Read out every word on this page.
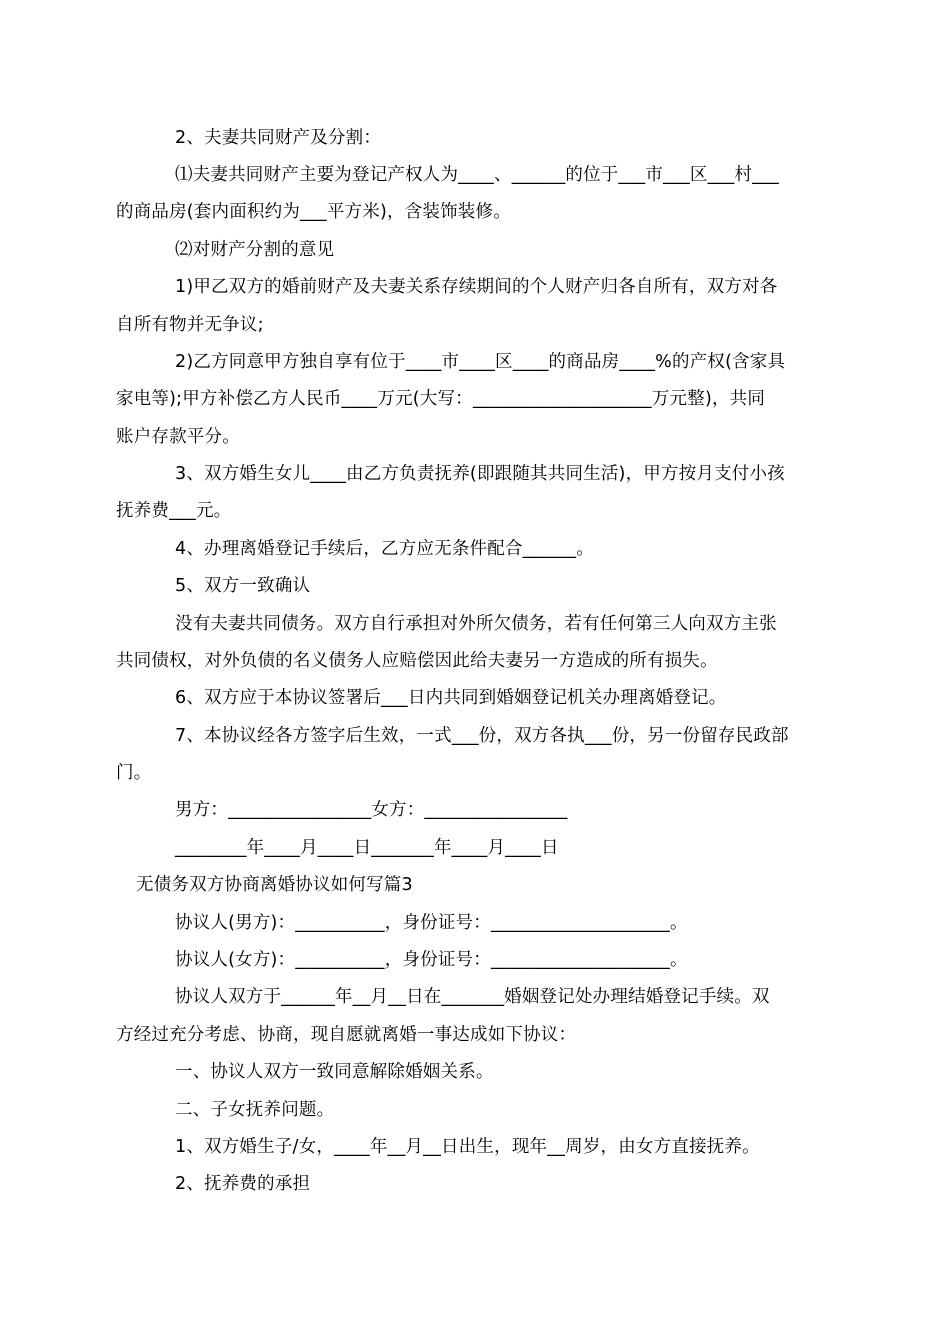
2、夫妻共同财产及分割：
⑴夫妻共同财产主要为登记产权人为____、______的位于___市___区___村___
的商品房(套内面积约为___平方米)，含装饰装修。
⑵对财产分割的意见
1)甲乙双方的婚前财产及夫妻关系存续期间的个人财产归各自所有，双方对各
自所有物并无争议;
2)乙方同意甲方独自享有位于____市____区____的商品房____%的产权(含家具
家电等);甲方补偿乙方人民币____万元(大写：____________________万元整)，共同
账户存款平分。
3、双方婚生女儿____由乙方负责抚养(即跟随其共同生活)，甲方按月支付小孩
抚养费___元。
4、办理离婚登记手续后，乙方应无条件配合______。
5、双方一致确认
没有夫妻共同债务。双方自行承担对外所欠债务，若有任何第三人向双方主张
共同债权，对外负债的名义债务人应赔偿因此给夫妻另一方造成的所有损失。
6、双方应于本协议签署后___日内共同到婚姻登记机关办理离婚登记。
7、本协议经各方签字后生效，一式___份，双方各执___份，另一份留存民政部
门。
男方：________________女方：________________
________年____月____日_______年____月____日
无债务双方协商离婚协议如何写篇3
协议人(男方)：__________，身份证号：____________________。
协议人(女方)：__________，身份证号：____________________。
协议人双方于______年__月__日在_______婚姻登记处办理结婚登记手续。双
方经过充分考虑、协商，现自愿就离婚一事达成如下协议：
一、协议人双方一致同意解除婚姻关系。
二、子女抚养问题。
1、双方婚生子/女，____年__月__日出生，现年__周岁，由女方直接抚养。
2、抚养费的承担
